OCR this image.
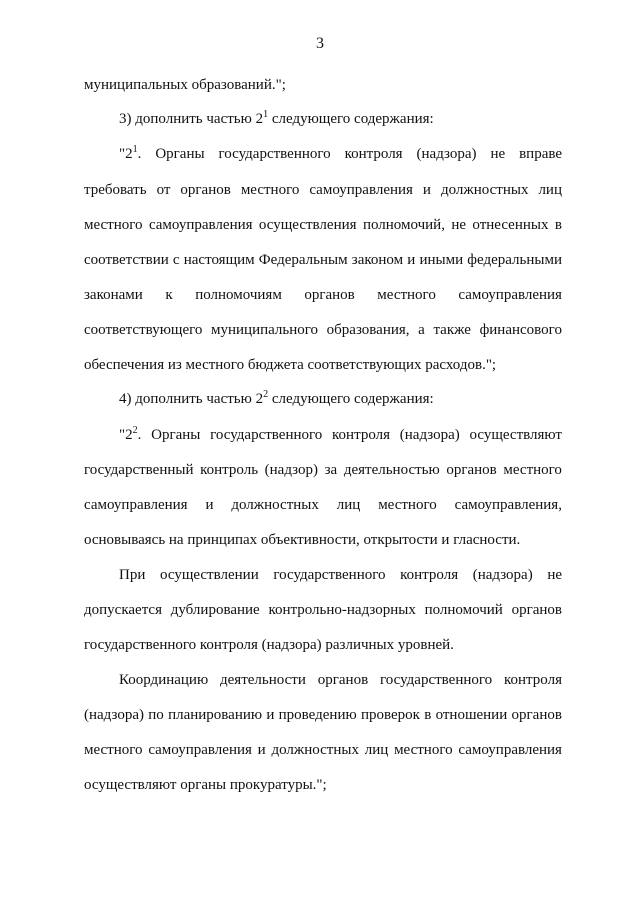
3
муниципальных образований.";
3) дополнить частью $2^1$ следующего содержания:
"$2^1$. Органы государственного контроля (надзора) не вправе
требовать от органов местного самоуправления и должностных лиц
местного самоуправления осуществления полномочий, не отнесенных в
соответствии с настоящим Федеральным законом и иными федеральными
законами к полномочиям органов местного самоуправления
соответствующего муниципального образования, а также финансового
обеспечения из местного бюджета соответствующих расходов.";
4) дополнить частью $2^2$ следующего содержания:
"$2^2$. Органы государственного контроля (надзора) осуществляют
государственный контроль (надзор) за деятельностью органов местного
самоуправления и должностных лиц местного самоуправления,
основываясь на принципах объективности, открытости и гласности.
При осуществлении государственного контроля (надзора) не
допускается дублирование контрольно-надзорных полномочий органов
государственного контроля (надзора) различных уровней.
Координацию деятельности органов государственного контроля
(надзора) по планированию и проведению проверок в отношении органов
местного самоуправления и должностных лиц местного самоуправления
осуществляют органы прокуратуры.";
